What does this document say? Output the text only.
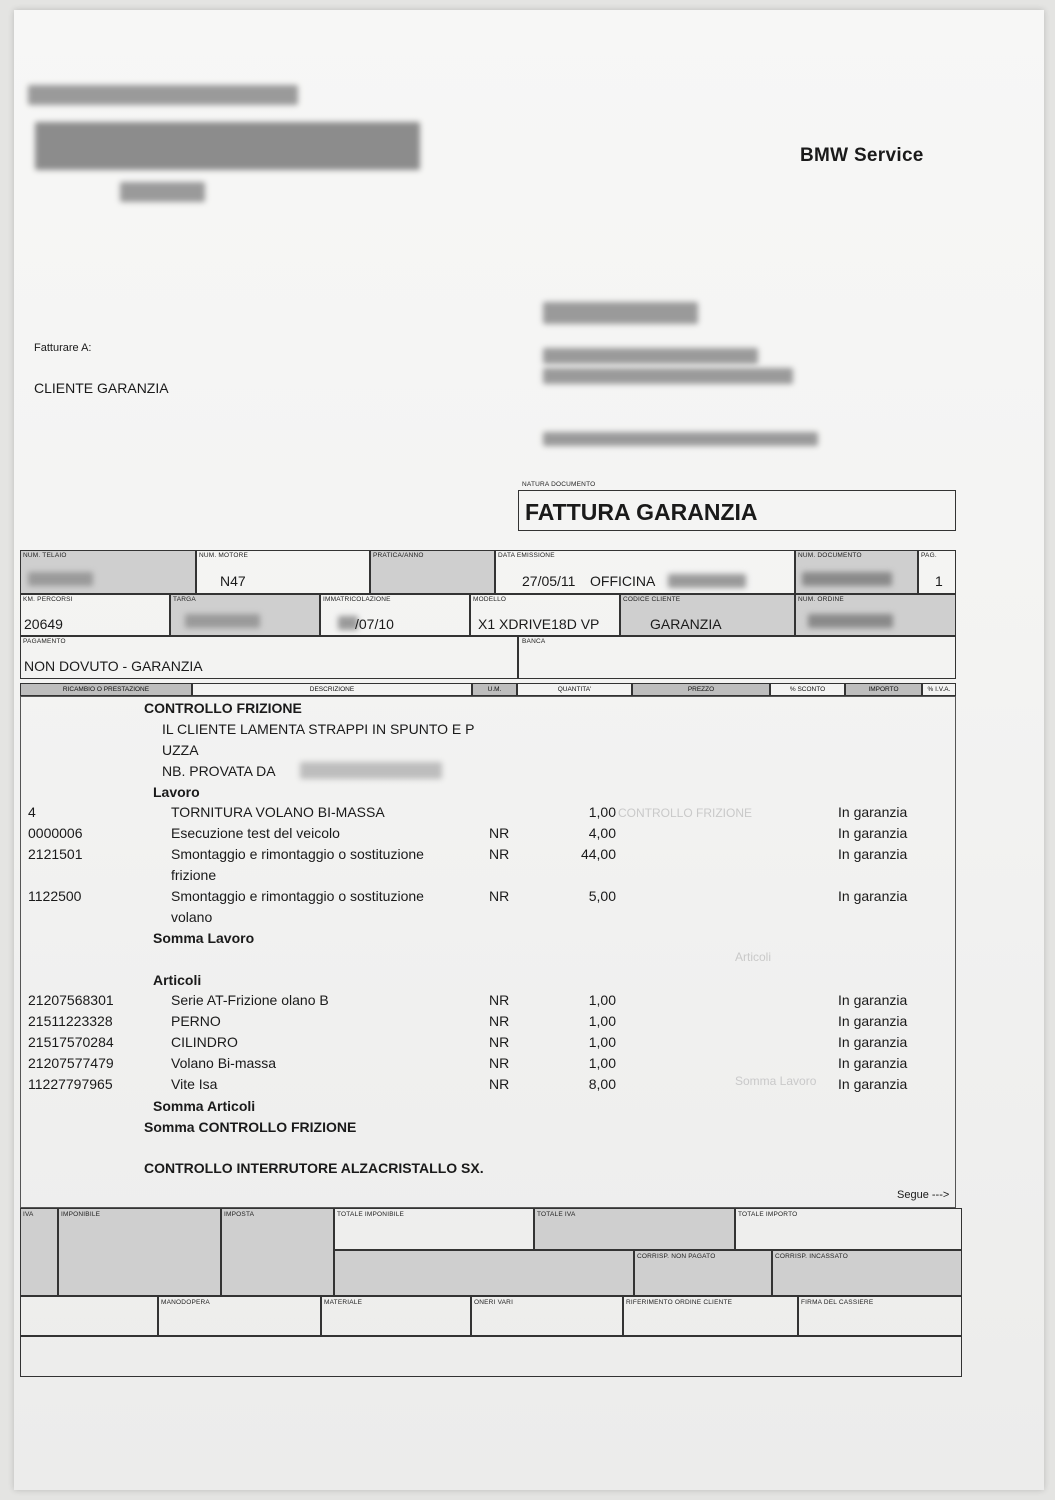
BMW Service
Fatturare A:
CLIENTE GARANZIA
NATURA DOCUMENTO
FATTURA GARANZIA
NUM. TELAIO	NUM. MOTORE
N47
PRATICA/ANNO	DATA EMISSIONE
27/05/11 OFFICINA
NUM. DOCUMENTO	PAG.
1
KM. PERCORSI
20649
TARGA	IMMATRICOLAZIONE
/07/10
MODELLO
X1 XDRIVE18D VP
CODICE CLIENTE
GARANZIA
NUM. ORDINE
PAGAMENTO
NON DOVUTO - GARANZIA
BANCA
RICAMBIO O PRESTAZIONE	DESCRIZIONE	U.M.	QUANTITA'	PREZZO	% SCONTO	IMPORTO	% I.V.A.
CONTROLLO FRIZIONE
Articoli
Somma Lavoro
CONTROLLO FRIZIONE
IL CLIENTE LAMENTA STRAPPI IN SPUNTO E P
UZZA
NB. PROVATA DA
Lavoro
4	TORNITURA VOLANO BI-MASSA	1,00	In garanzia
0000006	Esecuzione test del veicolo	NR	4,00	In garanzia
2121501	Smontaggio e rimontaggio o sostituzione
frizione
NR	44,00	In garanzia
1122500	Smontaggio e rimontaggio o sostituzione
volano
NR	5,00	In garanzia
Somma Lavoro
Articoli
21207568301	Serie AT-Frizione olano B	NR	1,00	In garanzia
21511223328	PERNO	NR	1,00	In garanzia
21517570284	CILINDRO	NR	1,00	In garanzia
21207577479	Volano Bi-massa	NR	1,00	In garanzia
11227797965	Vite Isa	NR	8,00	In garanzia
Somma Articoli
Somma CONTROLLO FRIZIONE
CONTROLLO INTERRUTORE ALZACRISTALLO SX.
Segue --->
IVA	IMPONIBILE	IMPOSTA	TOTALE IMPONIBILE	TOTALE IVA	TOTALE IMPORTO
CORRISP. NON PAGATO	CORRISP. INCASSATO
MANODOPERA	MATERIALE	ONERI VARI	RIFERIMENTO ORDINE CLIENTE	FIRMA DEL CASSIERE
